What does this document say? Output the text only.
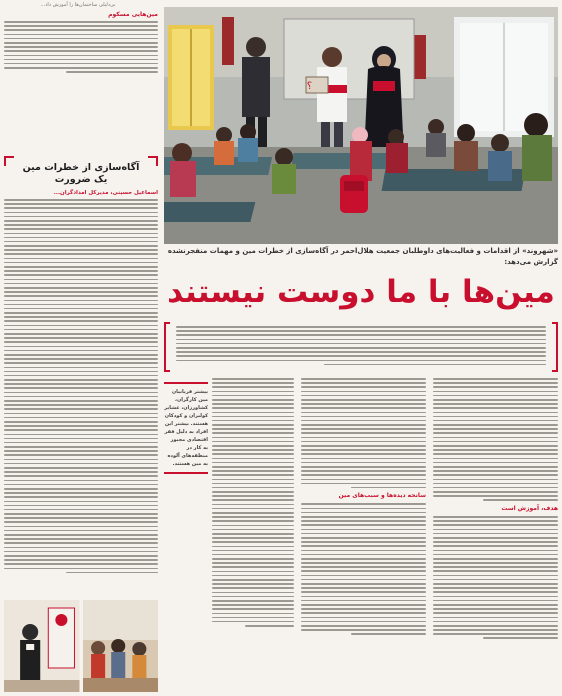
بی‌دلیلی ساختمان‌ها را آموزش داد...
مین‌هایی مسکوم
آگاه‌سازی از خطرات مین یک ضرورت
اسماعیل حسینی، مدیرکل امدادگران...
؟
«شهروند» از اقدامات و فعالیت‌های داوطلبان جمعیت هلال‌احمر در آگاه‌سازی از خطرات مین و مهمات منفجرنشده گزارش می‌دهد:
مین‌ها با ما دوست نیستند
هدف، آموزش است
سانحه دیده‌ها و سبب‌های مین
بیشتر قربانیان مین کارگران، کشاورزان، عشایر کولبران و کودکان هستند. بیشتر این افراد به دلیل فقر اقتصادی مجبور به کار در منطقه‌های آلوده به مین هستند.
